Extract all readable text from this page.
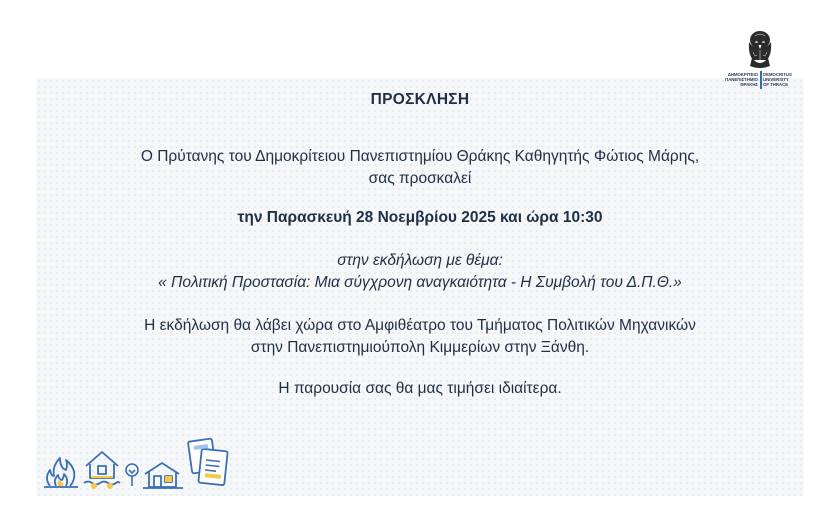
ΔΗΜΟΚΡΙΤΕΙΟ
ΠΑΝΕΠΙΣΤΗΜΙΟ
ΘΡΑΚΗΣ
DEMOCRITUS
UNIVERSITY
OF THRACE
ΠΡΟΣΚΛΗΣΗ
Ο Πρύτανης του Δημοκρίτειου Πανεπιστημίου Θράκης Καθηγητής Φώτιος Μάρης,
σας προσκαλεί
την Παρασκευή 28 Νοεμβρίου 2025 και ώρα 10:30
στην εκδήλωση με θέμα:
« Πολιτική Προστασία: Μια σύγχρονη αναγκαιότητα - Η Συμβολή του Δ.Π.Θ.»
Η εκδήλωση θα λάβει χώρα στο Αμφιθέατρο του Τμήματος Πολιτικών Μηχανικών
στην Πανεπιστημιούπολη Κιμμερίων στην Ξάνθη.
Η παρουσία σας θα μας τιμήσει ιδιαίτερα.
